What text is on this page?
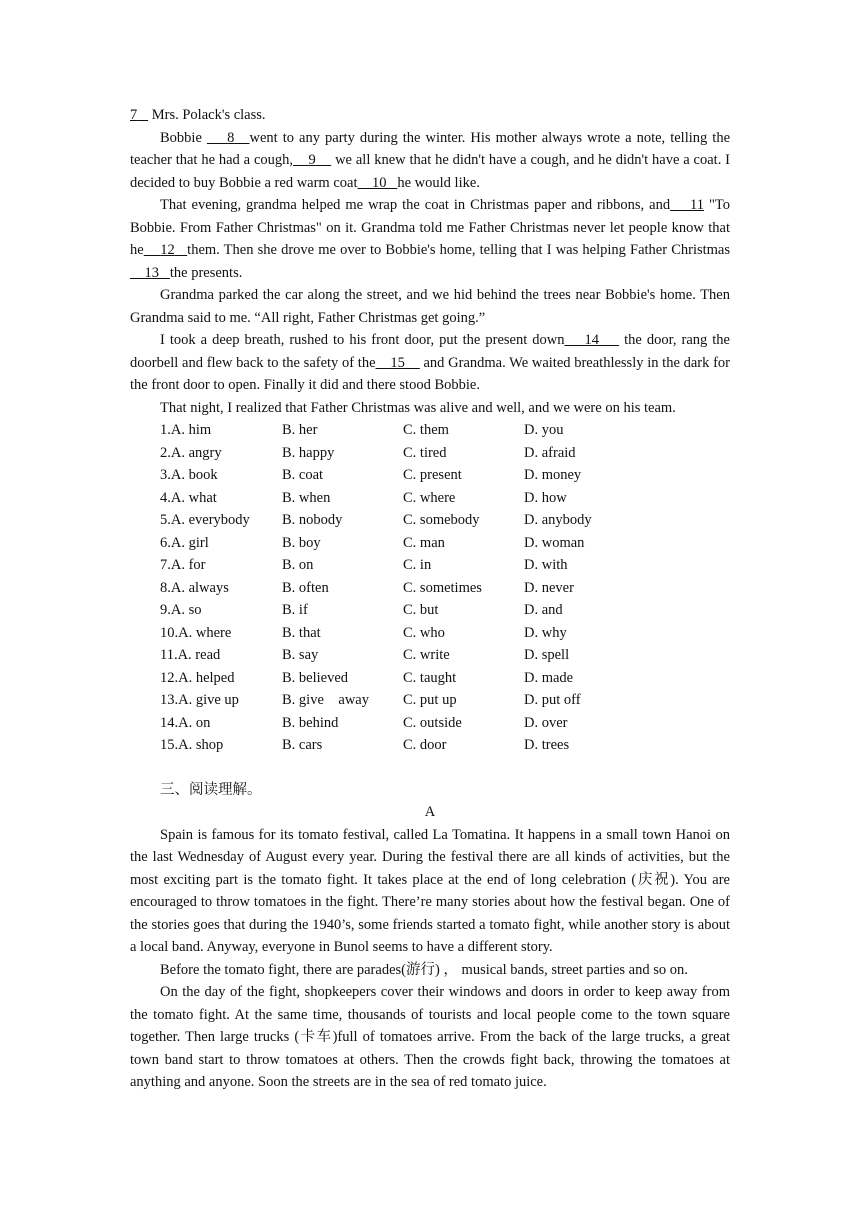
7 Mrs. Polack's class.

Bobbie     8 went to any party during the winter. His mother always wrote a note, telling the teacher that he had a cough, 9     we all knew that he didn't have a cough, and he didn't have a coat. I decided to buy Bobbie a red warm coat 10 he would like.

That evening, grandma helped me wrap the coat in Christmas paper and ribbons, and 11 "To Bobbie. From Father Christmas" on it. Grandma told me Father Christmas never let people know that he 12 them. Then she drove me over to Bobbie's home, telling that I was helping Father Christmas    13 the presents.

Grandma parked the car along the street, and we hid behind the trees near Bobbie's home. Then Grandma said to me. “All right, Father Christmas get going.”

I took a deep breath, rushed to his front door, put the present down 14     the door, rang the doorbell and flew back to the safety of the 15     and Grandma. We waited breathlessly in the dark for the front door to open. Finally it did and there stood Bobbie.

That night, I realized that Father Christmas was alive and well, and we were on his team.

1.A. him	B. her	C. them	D. you
2.A. angry	B. happy	C. tired	D. afraid
3.A. book	B. coat	C. present	D. money
4.A. what	B. when	C. where	D. how
5.A. everybody	B. nobody	C. somebody	D. anybody
6.A. girl	B. boy	C. man	D. woman
7.A. for	B. on	C. in	D. with
8.A. always	B. often	C. sometimes	D. never
9.A. so	B. if	C. but	D. and
10.A. where	B. that	C. who	D. why
11.A. read	B. say	C. write	D. spell
12.A. helped	B. believed	C. taught	D. made
13.A. give up	B. give    away	C. put up	D. put off
14.A. on	B. behind	C. outside	D. over
15.A. shop	B. cars	C. door	D. trees

三、阅读理解。

A

Spain is famous for its tomato festival, called La Tomatina. It happens in a small town Hanoi on the last Wednesday of August every year. During the festival there are all kinds of activities, but the most exciting part is the tomato fight. It takes place at the end of long celebration (庆祝). You are encouraged to throw tomatoes in the fight. There’re many stories about how the festival began. One of the stories goes that during the 1940’s, some friends started a tomato fight, while another story is about a local band. Anyway, everyone in Bunol seems to have a different story.

Before the tomato fight, there are parades(游行) ， musical bands, street parties and so on.

On the day of the fight, shopkeepers cover their windows and doors in order to keep away from the tomato fight. At the same time, thousands of tourists and local people come to the town square together. Then large trucks (卡车)full of tomatoes arrive. From the back of the large trucks, a great town band start to throw tomatoes at others. Then the crowds fight back, throwing the tomatoes at anything and anyone. Soon the streets are in the sea of red tomato juice.
